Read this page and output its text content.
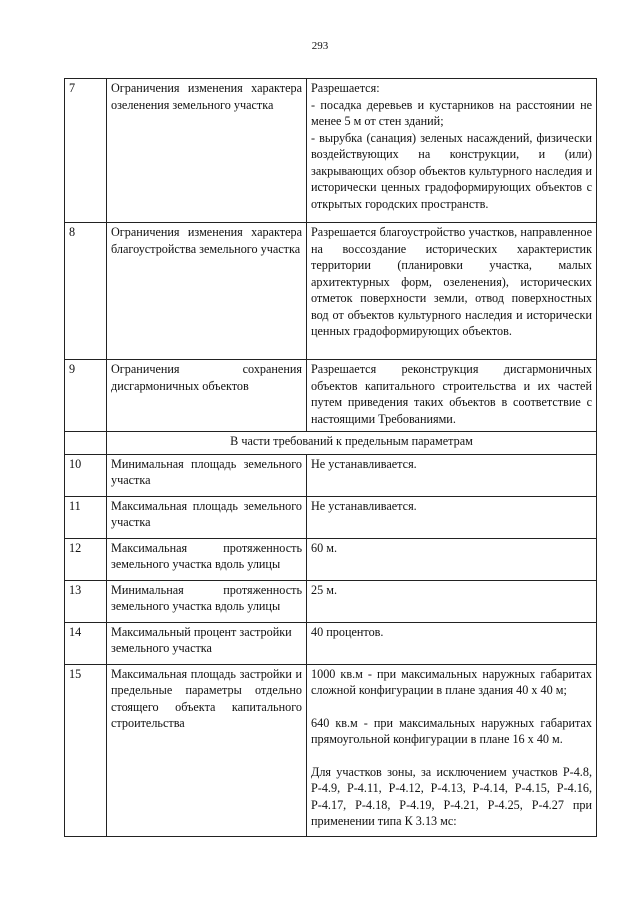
293
7	Ограничения изменения характера озеленения земельного участка	Разрешается:

- посадка деревьев и кустарников на расстоянии не менее 5 м от стен зданий;

- вырубка (санация) зеленых насаждений, физически воздействующих на конструкции, и (или) закрывающих обзор объектов культурного наследия и исторически ценных градоформирующих объектов с открытых городских пространств.

8	Ограничения изменения характера благоустройства земельного участка	Разрешается благоустройство участков, направленное на воссоздание исторических характеристик территории (планировки участка, малых архитектурных форм, озеленения), исторических отметок поверхности земли, отвод поверхностных вод от объектов культурного наследия и исторически ценных градоформирующих объектов.

9	Ограничения сохранения дисгармоничных объектов	Разрешается реконструкция дисгармоничных объектов капитального строительства и их частей путем приведения таких объектов в соответствие с настоящими Требованиями.

	В части требований к предельным параметрам	
10	Минимальная площадь земельного участка	Не устанавливается.
11	Максимальная площадь земельного участка	Не устанавливается.
12	Максимальная протяженность земельного участка вдоль улицы	60 м.
13	Минимальная протяженность земельного участка вдоль улицы	25 м.
14	Максимальный процент застройки земельного участка	40 процентов.
15	Максимальная площадь застройки и предельные параметры отдельно стоящего объекта капитального строительства	1000 кв.м - при максимальных наружных габаритах сложной конфигурации в плане здания 40 х 40 м;

640 кв.м - при максимальных наружных габаритах прямоугольной конфигурации в плане 16 х 40 м.

Для участков зоны, за исключением участков Р-4.8, Р-4.9, Р-4.11, Р-4.12, Р-4.13, Р-4.14, Р-4.15, Р-4.16, Р-4.17, Р-4.18, Р-4.19, Р-4.21, Р-4.25, Р-4.27 при применении типа К 3.13 мс:
